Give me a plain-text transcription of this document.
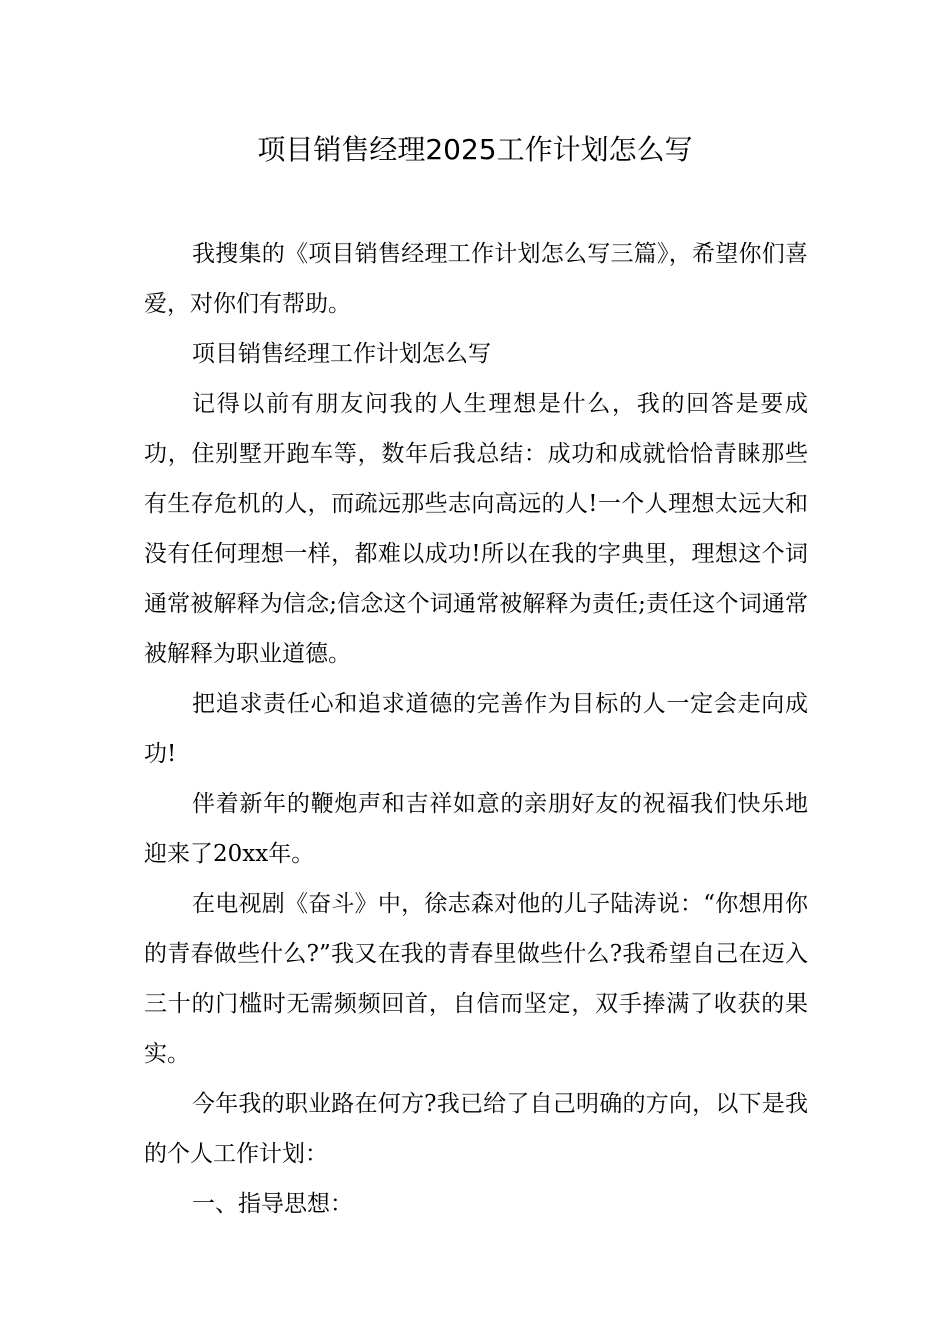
项目销售经理2025工作计划怎么写

我搜集的《项目销售经理工作计划怎么写三篇》，希望你们喜爱，对你们有帮助。

项目销售经理工作计划怎么写

记得以前有朋友问我的人生理想是什么，我的回答是要成功，住别墅开跑车等，数年后我总结：成功和成就恰恰青睐那些有生存危机的人，而疏远那些志向高远的人!一个人理想太远大和没有任何理想一样，都难以成功!所以在我的字典里，理想这个词通常被解释为信念;信念这个词通常被解释为责任;责任这个词通常被解释为职业道德。

把追求责任心和追求道德的完善作为目标的人一定会走向成功!

伴着新年的鞭炮声和吉祥如意的亲朋好友的祝福我们快乐地迎来了20xx年。

在电视剧《奋斗》中，徐志森对他的儿子陆涛说：“你想用你的青春做些什么?”我又在我的青春里做些什么?我希望自己在迈入三十的门槛时无需频频回首，自信而坚定，双手捧满了收获的果实。

今年我的职业路在何方?我已给了自己明确的方向，以下是我的个人工作计划：

一、指导思想：
